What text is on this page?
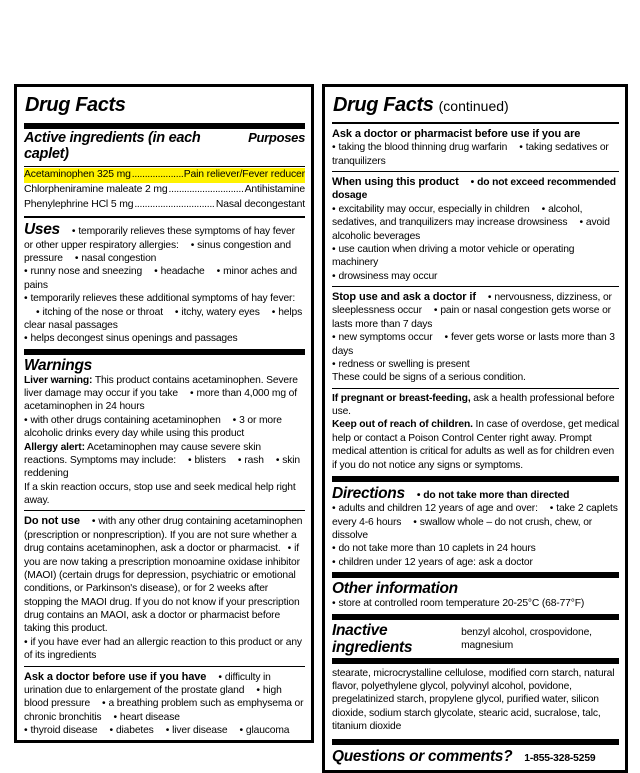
Drug Facts
Active ingredients (in each caplet)
Purposes
Acetaminophen 325 mg .....	Pain reliever/Fever reducer
Chlorpheniramine maleate 2 mg .....	Antihistamine
Phenylephrine HCl 5 mg .....	Nasal decongestant
Uses • temporarily relieves these symptoms of hay fever or other upper respiratory allergies: • sinus congestion and pressure • nasal congestion
• runny nose and sneezing • headache • minor aches and pains
• temporarily relieves these additional symptoms of hay fever:• itching of the nose or throat • itchy, watery eyes • helps clear nasal passages
• helps decongest sinus openings and passages
Warnings
Liver warning: This product contains acetaminophen. Severe liver damage may occur if you take • more than 4,000 mg of acetaminophen in 24 hours
• with other drugs containing acetaminophen • 3 or more alcoholic drinks every day while using this product
Allergy alert: Acetaminophen may cause severe skin reactions. Symptoms may include: • blisters • rash • skin reddening
If a skin reaction occurs, stop use and seek medical help right away.
Do not use • with any other drug containing acetaminophen (prescription or nonprescription). If you are not sure whether a drug contains acetaminophen, ask a doctor or pharmacist. • if you are now taking a prescription monoamine oxidase inhibitor (MAOI) (certain drugs for depression, psychiatric or emotional conditions, or Parkinson's disease), or for 2 weeks after stopping the MAOI drug. If you do not know if your prescription drug contains an MAOI, ask a doctor or pharmacist before taking this product.
• if you have ever had an allergic reaction to this product or any of its ingredients
Ask a doctor before use if you have • difficulty in urination due to enlargement of the prostate gland • high blood pressure • a breathing problem such as emphysema or chronic bronchitis • heart disease
• thyroid disease • diabetes • liver disease • glaucoma
Drug Facts (continued)
Ask a doctor or pharmacist before use if you are
• taking the blood thinning drug warfarin • taking sedatives or tranquilizers
When using this product • do not exceed recommended dosage
• excitability may occur, especially in children • alcohol, sedatives, and tranquilizers may increase drowsiness • avoid alcoholic beverages
• use caution when driving a motor vehicle or operating machinery
• drowsiness may occur
Stop use and ask a doctor if • nervousness, dizziness, or sleeplessness occur • pain or nasal congestion gets worse or lasts more than 7 days
• new symptoms occur • fever gets worse or lasts more than 3 days
• redness or swelling is present
These could be signs of a serious condition.
If pregnant or breast-feeding, ask a health professional before use.
Keep out of reach of children. In case of overdose, get medical help or contact a Poison Control Center right away. Prompt medical attention is critical for adults as well as for children even if you do not notice any signs or symptoms.
Directions • do not take more than directed
• adults and children 12 years of age and over: • take 2 caplets every 4-6 hours • swallow whole – do not crush, chew, or dissolve
• do not take more than 10 caplets in 24 hours
• children under 12 years of age: ask a doctor
Other information
• store at controlled room temperature 20-25°C (68-77°F)
Inactive ingredients
benzyl alcohol, crospovidone, magnesium
stearate, microcrystalline cellulose, modified corn starch, natural flavor, polyethylene glycol, polyvinyl alcohol, povidone, pregelatinized starch, propylene glycol, purified water, silicon dioxide, sodium starch glycolate, stearic acid, sucralose, talc, titanium dioxide
Questions or comments? 1-855-328-5259
